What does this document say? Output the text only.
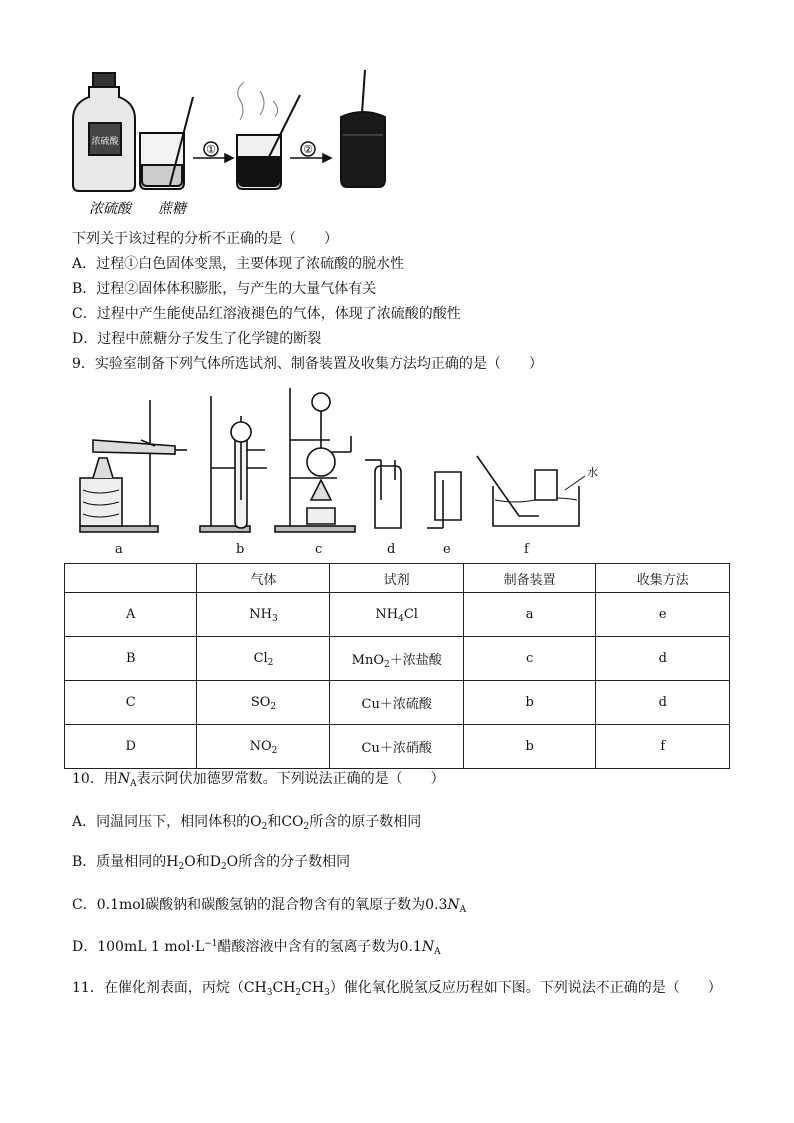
浓硫酸
①	②
浓硫酸 蔗糖
下列关于该过程的分析不正确的是（　　）
A．过程①白色固体变黑，主要体现了浓硫酸的脱水性
B．过程②固体体积膨胀，与产生的大量气体有关
C．过程中产生能使品红溶液褪色的气体，体现了浓硫酸的酸性
D．过程中蔗糖分子发生了化学键的断裂
9．实验室制备下列气体所选试剂、制备装置及收集方法均正确的是（　　）
水
a	b	c	d	e	f
	气体	试剂	制备装置	收集方法
A	$NH_3$	$NH_4Cl$	a	e
B	$Cl_2$	MnO$_2$＋浓盐酸	c	d
C	$SO_2$	Cu＋浓硫酸	b	d
D	$NO_2$	Cu＋浓硝酸	b	f
10．用$N_A$表示阿伏加德罗常数。下列说法正确的是（　　）
A．同温同压下，相同体积的$O_2$和$CO_2$所含的原子数相同
B．质量相同的$H_2O$和$D_2O$所含的分子数相同
C．0.1mol碳酸钠和碳酸氢钠的混合物含有的氧原子数为$0.3N_A$
D．100mL 1 $mol\cdot L^{-1}$醋酸溶液中含有的氢离子数为$0.1N_A$
11．在催化剂表面，丙烷$(CH_3CH_2CH_3)$催化氧化脱氢反应历程如下图。下列说法不正确的是（　　）
